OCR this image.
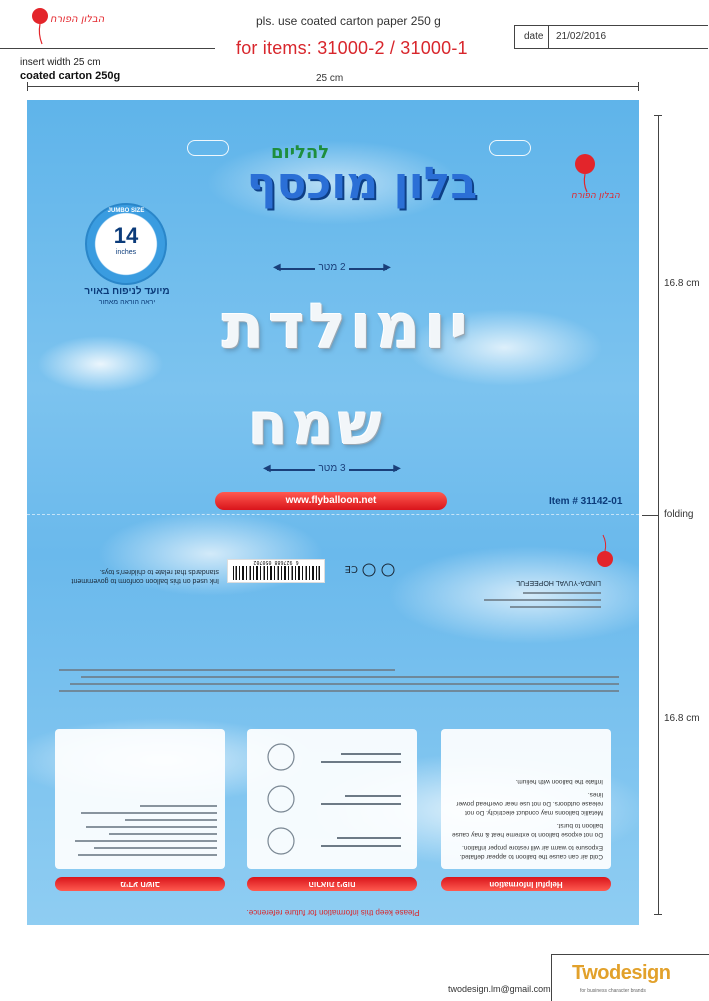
הבלון הפורח	pls. use coated carton paper 250 g
for items: 31000-2 / 31000-1
date 21/02/2016
insert width 25 cm
coated carton 250g	25 cm
הבלון הפורח
להליום
בלון מוכסף
14
inches
JUMBO SIZE
מיועד לניפוח באויר
יראה הוראה מאחור
◀	▶
2 מטר
יומולדת
שמח
◀	▶
3 מטר
www.flyballoon.net	Item # 31142-01
Please keep this information for future reference.
Helpful Information
Cold air can cause the balloon to appear deflated. Exposure to warm air will restore proper inflation.
Do not expose balloon to extreme heat & may cause balloon to burst.
Metallic balloons may conduct electricity. Do not release outdoors. Do not use near overhead power lines.
Inflate the balloon with helium.
הוראות ניפוח
מידע חשוב
LINDA-YUVAL HOPEEFUL
CE
6 927688 050702
Ink used on this balloon conform to government standards that relate to children's toys.
16.8 cm
16.8 cm
folding
twodesign.lm@gmail.com
Twodesign
for business character brands
